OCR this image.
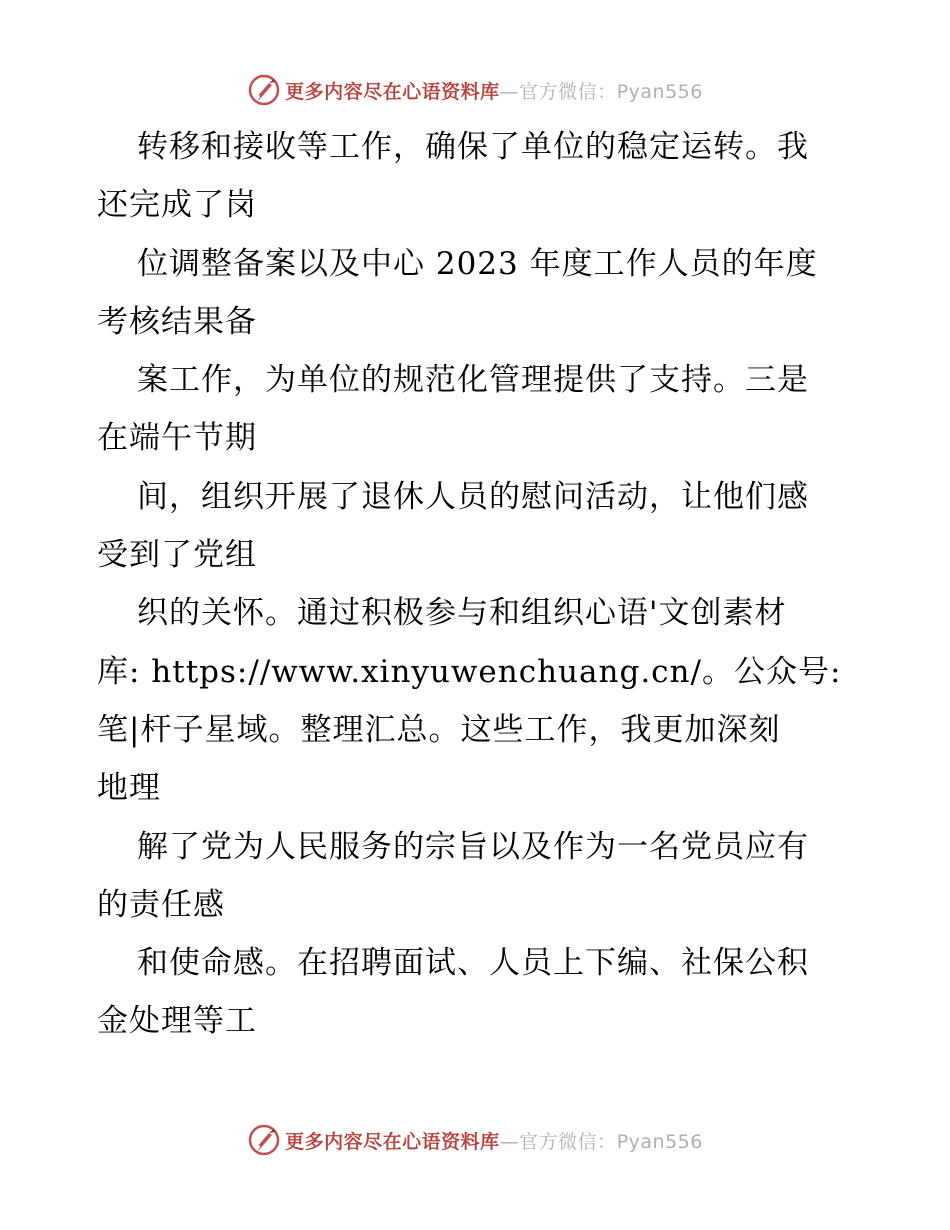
更多内容尽在心语资料库—官方微信：Pyan556
转移和接收等工作，确保了单位的稳定运转。我
还完成了岗
位调整备案以及中心 2023 年度工作人员的年度
考核结果备
案工作，为单位的规范化管理提供了支持。三是
在端午节期
间，组织开展了退休人员的慰问活动，让他们感
受到了党组
织的关怀。通过积极参与和组织心语'文创素材
库: https://www.xinyuwenchuang.cn/。公众号:
笔|杆子星域。整理汇总。这些工作，我更加深刻
地理
解了党为人民服务的宗旨以及作为一名党员应有
的责任感
和使命感。在招聘面试、人员上下编、社保公积
金处理等工
更多内容尽在心语资料库—官方微信：Pyan556
